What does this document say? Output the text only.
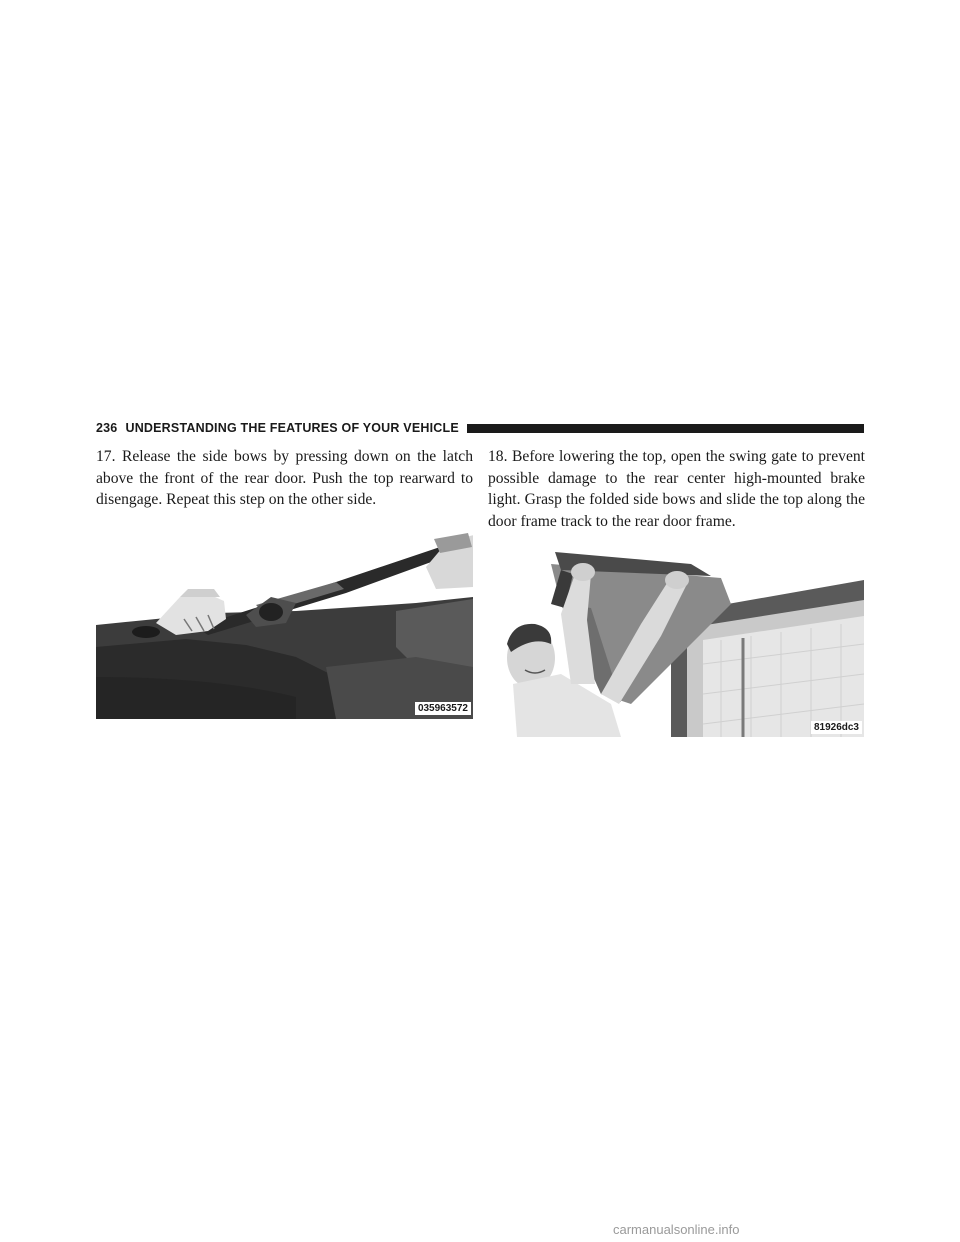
236 UNDERSTANDING THE FEATURES OF YOUR VEHICLE
17. Release the side bows by pressing down on the latch above the front of the rear door. Push the top rearward to disengage. Repeat this step on the other side.
18. Before lowering the top, open the swing gate to prevent possible damage to the rear center high-mounted brake light. Grasp the folded side bows and slide the top along the door frame track to the rear door frame.
035963572
81926dc3
carmanualsonline.info
